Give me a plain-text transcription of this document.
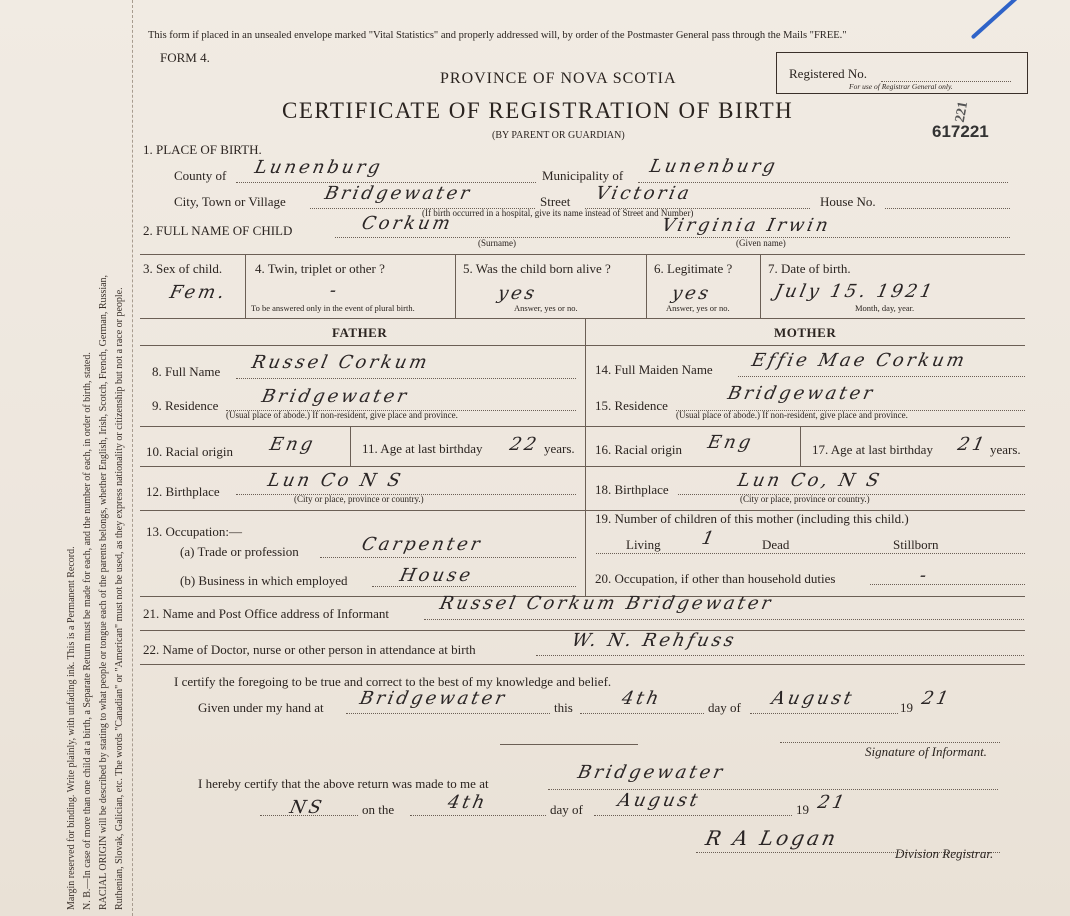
Margin reserved for binding. Write plainly, with unfading ink. This is a Permanent Record. N. B.—In case of more than one child at a birth, a Separate Return must be made for each, and the number of each, in order of birth, stated. RACIAL ORIGIN will be described by stating to what people or tongue each of the parents belongs, whether English, Irish, Scotch, French, German, Russian, Ruthenian, Slovak, Galician, etc. The words "Canadian" or "American" must not be used, as they express nationality or citizenship but not a race or people.
This form if placed in an unsealed envelope marked "Vital Statistics" and properly addressed will, by order of the Postmaster General pass through the Mails "FREE."
FORM 4.
PROVINCE OF NOVA SCOTIA
CERTIFICATE OF REGISTRATION OF BIRTH
(BY PARENT OR GUARDIAN)
Registered No.
For use of Registrar General only.
221
617221
1. PLACE OF BIRTH.
County of Lunenburg	Municipality of Lunenburg
City, Town or Village Bridgewater	Street Victoria	House No.
(If birth occurred in a hospital, give its name instead of Street and Number)
2. FULL NAME OF CHILD	Corkum
(Surname)
Virginia Irwin
(Given name)
3. Sex of child.
Fem.
4. Twin, triplet or other ?
-
To be answered only in the event of plural birth.
5. Was the child born alive ?
yes
Answer, yes or no.
6. Legitimate ?
yes
Answer, yes or no.
7. Date of birth.
July 15. 1921
Month, day, year.
FATHER	MOTHER
8. Full Name Russel Corkum
9. Residence Bridgewater
(Usual place of abode.) If non-resident, give place and province.
10. Racial origin Eng	11. Age at last birthday 22 years.
12. Birthplace
Lun Co N S
(City or place, province or country.)
13. Occupation:—
(a) Trade or profession	Carpenter
(b) Business in which employed	House
14. Full Maiden Name Effie Mae Corkum
15. Residence
Bridgewater
(Usual place of abode.) If non-resident, give place and province.
16. Racial origin Eng	17. Age at last birthday 21 years.
18. Birthplace	Lun Co, N S
(City or place, province or country.)
19. Number of children of this mother (including this child.)
Living 1	Dead	Stillborn
20. Occupation, if other than household duties	-
21. Name and Post Office address of Informant	Russel Corkum Bridgewater
22. Name of Doctor, nurse or other person in attendance at birth	W. N. Rehfuss
I certify the foregoing to be true and correct to the best of my knowledge and belief.
Given under my hand at Bridgewater	this	4th	day of August	19 21
Signature of Informant.
I hereby certify that the above return was made to me at
Bridgewater
NS	on the	4th	day of August	19 21
R A Logan
Division Registrar.
